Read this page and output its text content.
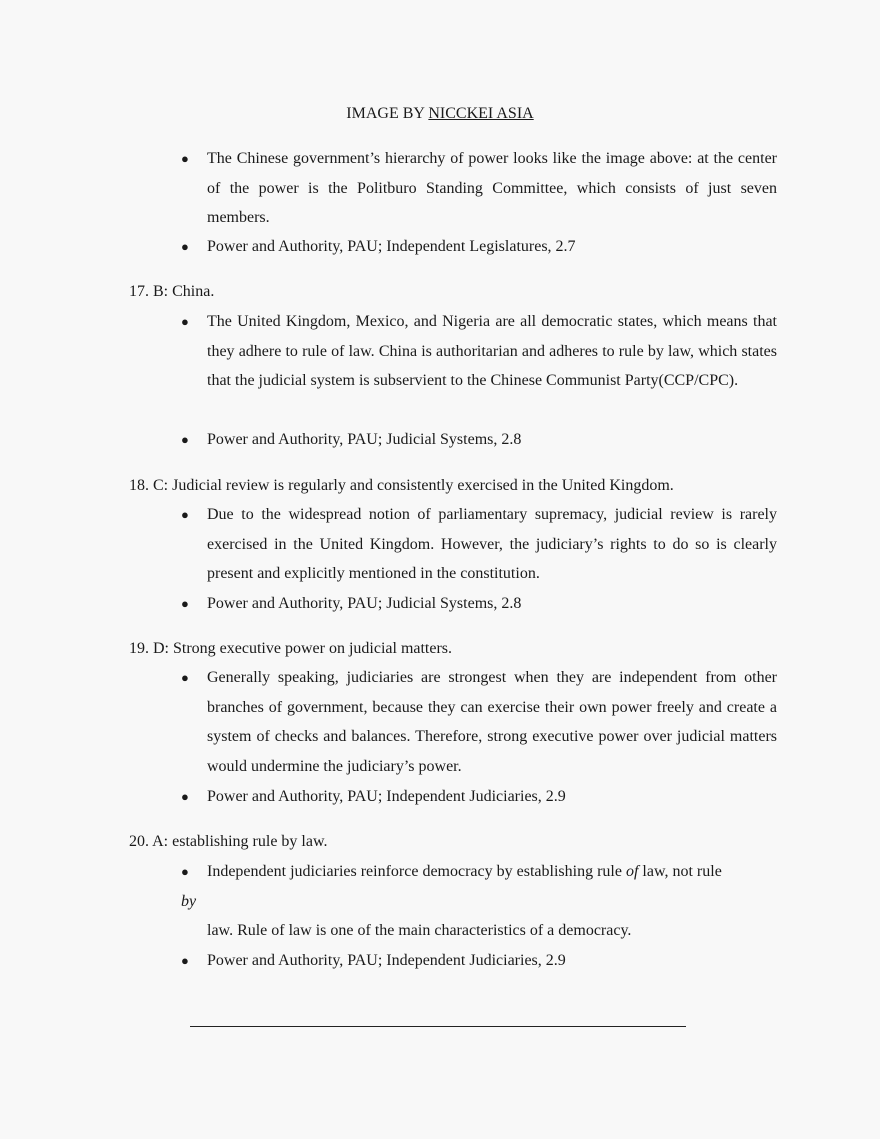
IMAGE BY NICCKEI ASIA
● The Chinese government’s hierarchy of power looks like the image above: at the center of the power is the Politburo Standing Committee, which consists of just seven members.
● Power and Authority, PAU; Independent Legislatures, 2.7
17. B: China.
● The United Kingdom, Mexico, and Nigeria are all democratic states, which means that they adhere to rule of law. China is authoritarian and adheres to rule by law, which states that the judicial system is subservient to the Chinese Communist Party(CCP/CPC).
● Power and Authority, PAU; Judicial Systems, 2.8
18. C: Judicial review is regularly and consistently exercised in the United Kingdom.
● Due to the widespread notion of parliamentary supremacy, judicial review is rarely exercised in the United Kingdom. However, the judiciary’s rights to do so is clearly present and explicitly mentioned in the constitution.
● Power and Authority, PAU; Judicial Systems, 2.8
19. D: Strong executive power on judicial matters.
● Generally speaking, judiciaries are strongest when they are independent from other branches of government, because they can exercise their own power freely and create a system of checks and balances. Therefore, strong executive power over judicial matters would undermine the judiciary’s power.
● Power and Authority, PAU; Independent Judiciaries, 2.9
20. A: establishing rule by law.
● Independent judiciaries reinforce democracy by establishing rule of law, not rule
by
law. Rule of law is one of the main characteristics of a democracy.
● Power and Authority, PAU; Independent Judiciaries, 2.9
